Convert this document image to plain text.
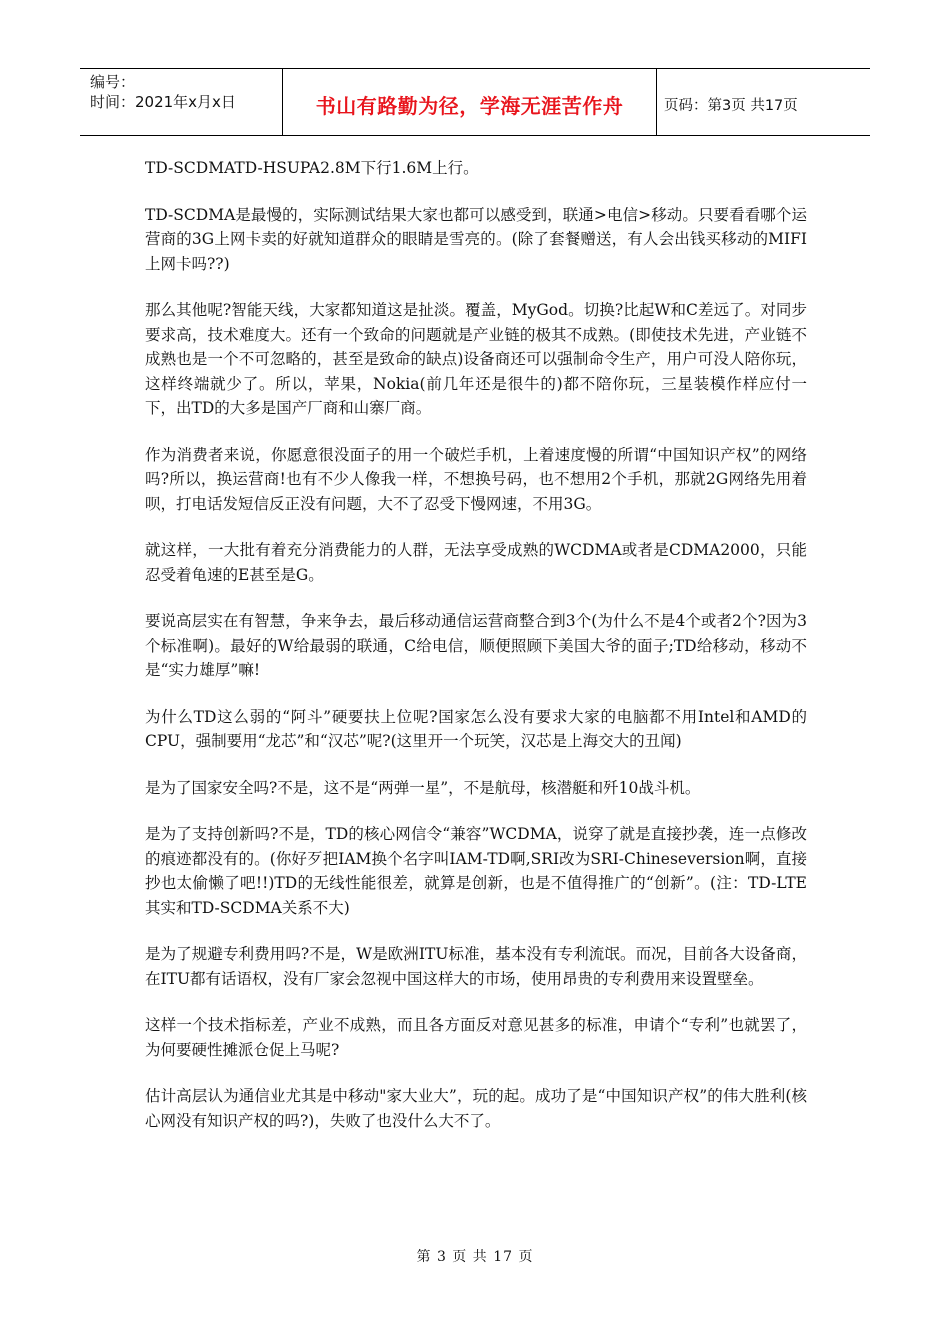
编号：
时间：2021年x月x日	书山有路勤为径，学海无涯苦作舟	页码：第3页 共17页

TD-SCDMATD-HSUPA2.8M下行1.6M上行。

TD-SCDMA是最慢的，实际测试结果大家也都可以感受到，联通>电信>移动。只要看看哪个运营商的3G上网卡卖的好就知道群众的眼睛是雪亮的。(除了套餐赠送，有人会出钱买移动的MIFI上网卡吗??)

那么其他呢?智能天线，大家都知道这是扯淡。覆盖，MyGod。切换?比起W和C差远了。对同步要求高，技术难度大。还有一个致命的问题就是产业链的极其不成熟。(即使技术先进，产业链不成熟也是一个不可忽略的，甚至是致命的缺点)设备商还可以强制命令生产，用户可没人陪你玩，这样终端就少了。所以，苹果，Nokia(前几年还是很牛的)都不陪你玩，三星装模作样应付一下，出TD的大多是国产厂商和山寨厂商。

作为消费者来说，你愿意很没面子的用一个破烂手机，上着速度慢的所谓“中国知识产权”的网络吗?所以，换运营商!也有不少人像我一样，不想换号码，也不想用2个手机，那就2G网络先用着呗，打电话发短信反正没有问题，大不了忍受下慢网速，不用3G。

就这样，一大批有着充分消费能力的人群，无法享受成熟的WCDMA或者是CDMA2000，只能忍受着龟速的E甚至是G。

要说高层实在有智慧，争来争去，最后移动通信运营商整合到3个(为什么不是4个或者2个?因为3个标准啊)。最好的W给最弱的联通，C给电信，顺便照顾下美国大爷的面子;TD给移动，移动不是“实力雄厚”嘛!

为什么TD这么弱的“阿斗”硬要扶上位呢?国家怎么没有要求大家的电脑都不用Intel和AMD的CPU，强制要用“龙芯”和“汉芯”呢?(这里开一个玩笑，汉芯是上海交大的丑闻)

是为了国家安全吗?不是，这不是“两弹一星”，不是航母，核潜艇和歼10战斗机。

是为了支持创新吗?不是，TD的核心网信令“兼容”WCDMA，说穿了就是直接抄袭，连一点修改的痕迹都没有的。(你好歹把IAM换个名字叫IAM-TD啊,SRI改为SRI-Chineseversion啊，直接抄也太偷懒了吧!!)TD的无线性能很差，就算是创新，也是不值得推广的“创新”。(注：TD-LTE其实和TD-SCDMA关系不大)

是为了规避专利费用吗?不是，W是欧洲ITU标准，基本没有专利流氓。而况，目前各大设备商，在ITU都有话语权，没有厂家会忽视中国这样大的市场，使用昂贵的专利费用来设置壁垒。

这样一个技术指标差，产业不成熟，而且各方面反对意见甚多的标准，申请个“专利”也就罢了，为何要硬性摊派仓促上马呢?

估计高层认为通信业尤其是中移动"家大业大”，玩的起。成功了是“中国知识产权”的伟大胜利(核心网没有知识产权的吗?)，失败了也没什么大不了。

第 3 页 共 17 页
